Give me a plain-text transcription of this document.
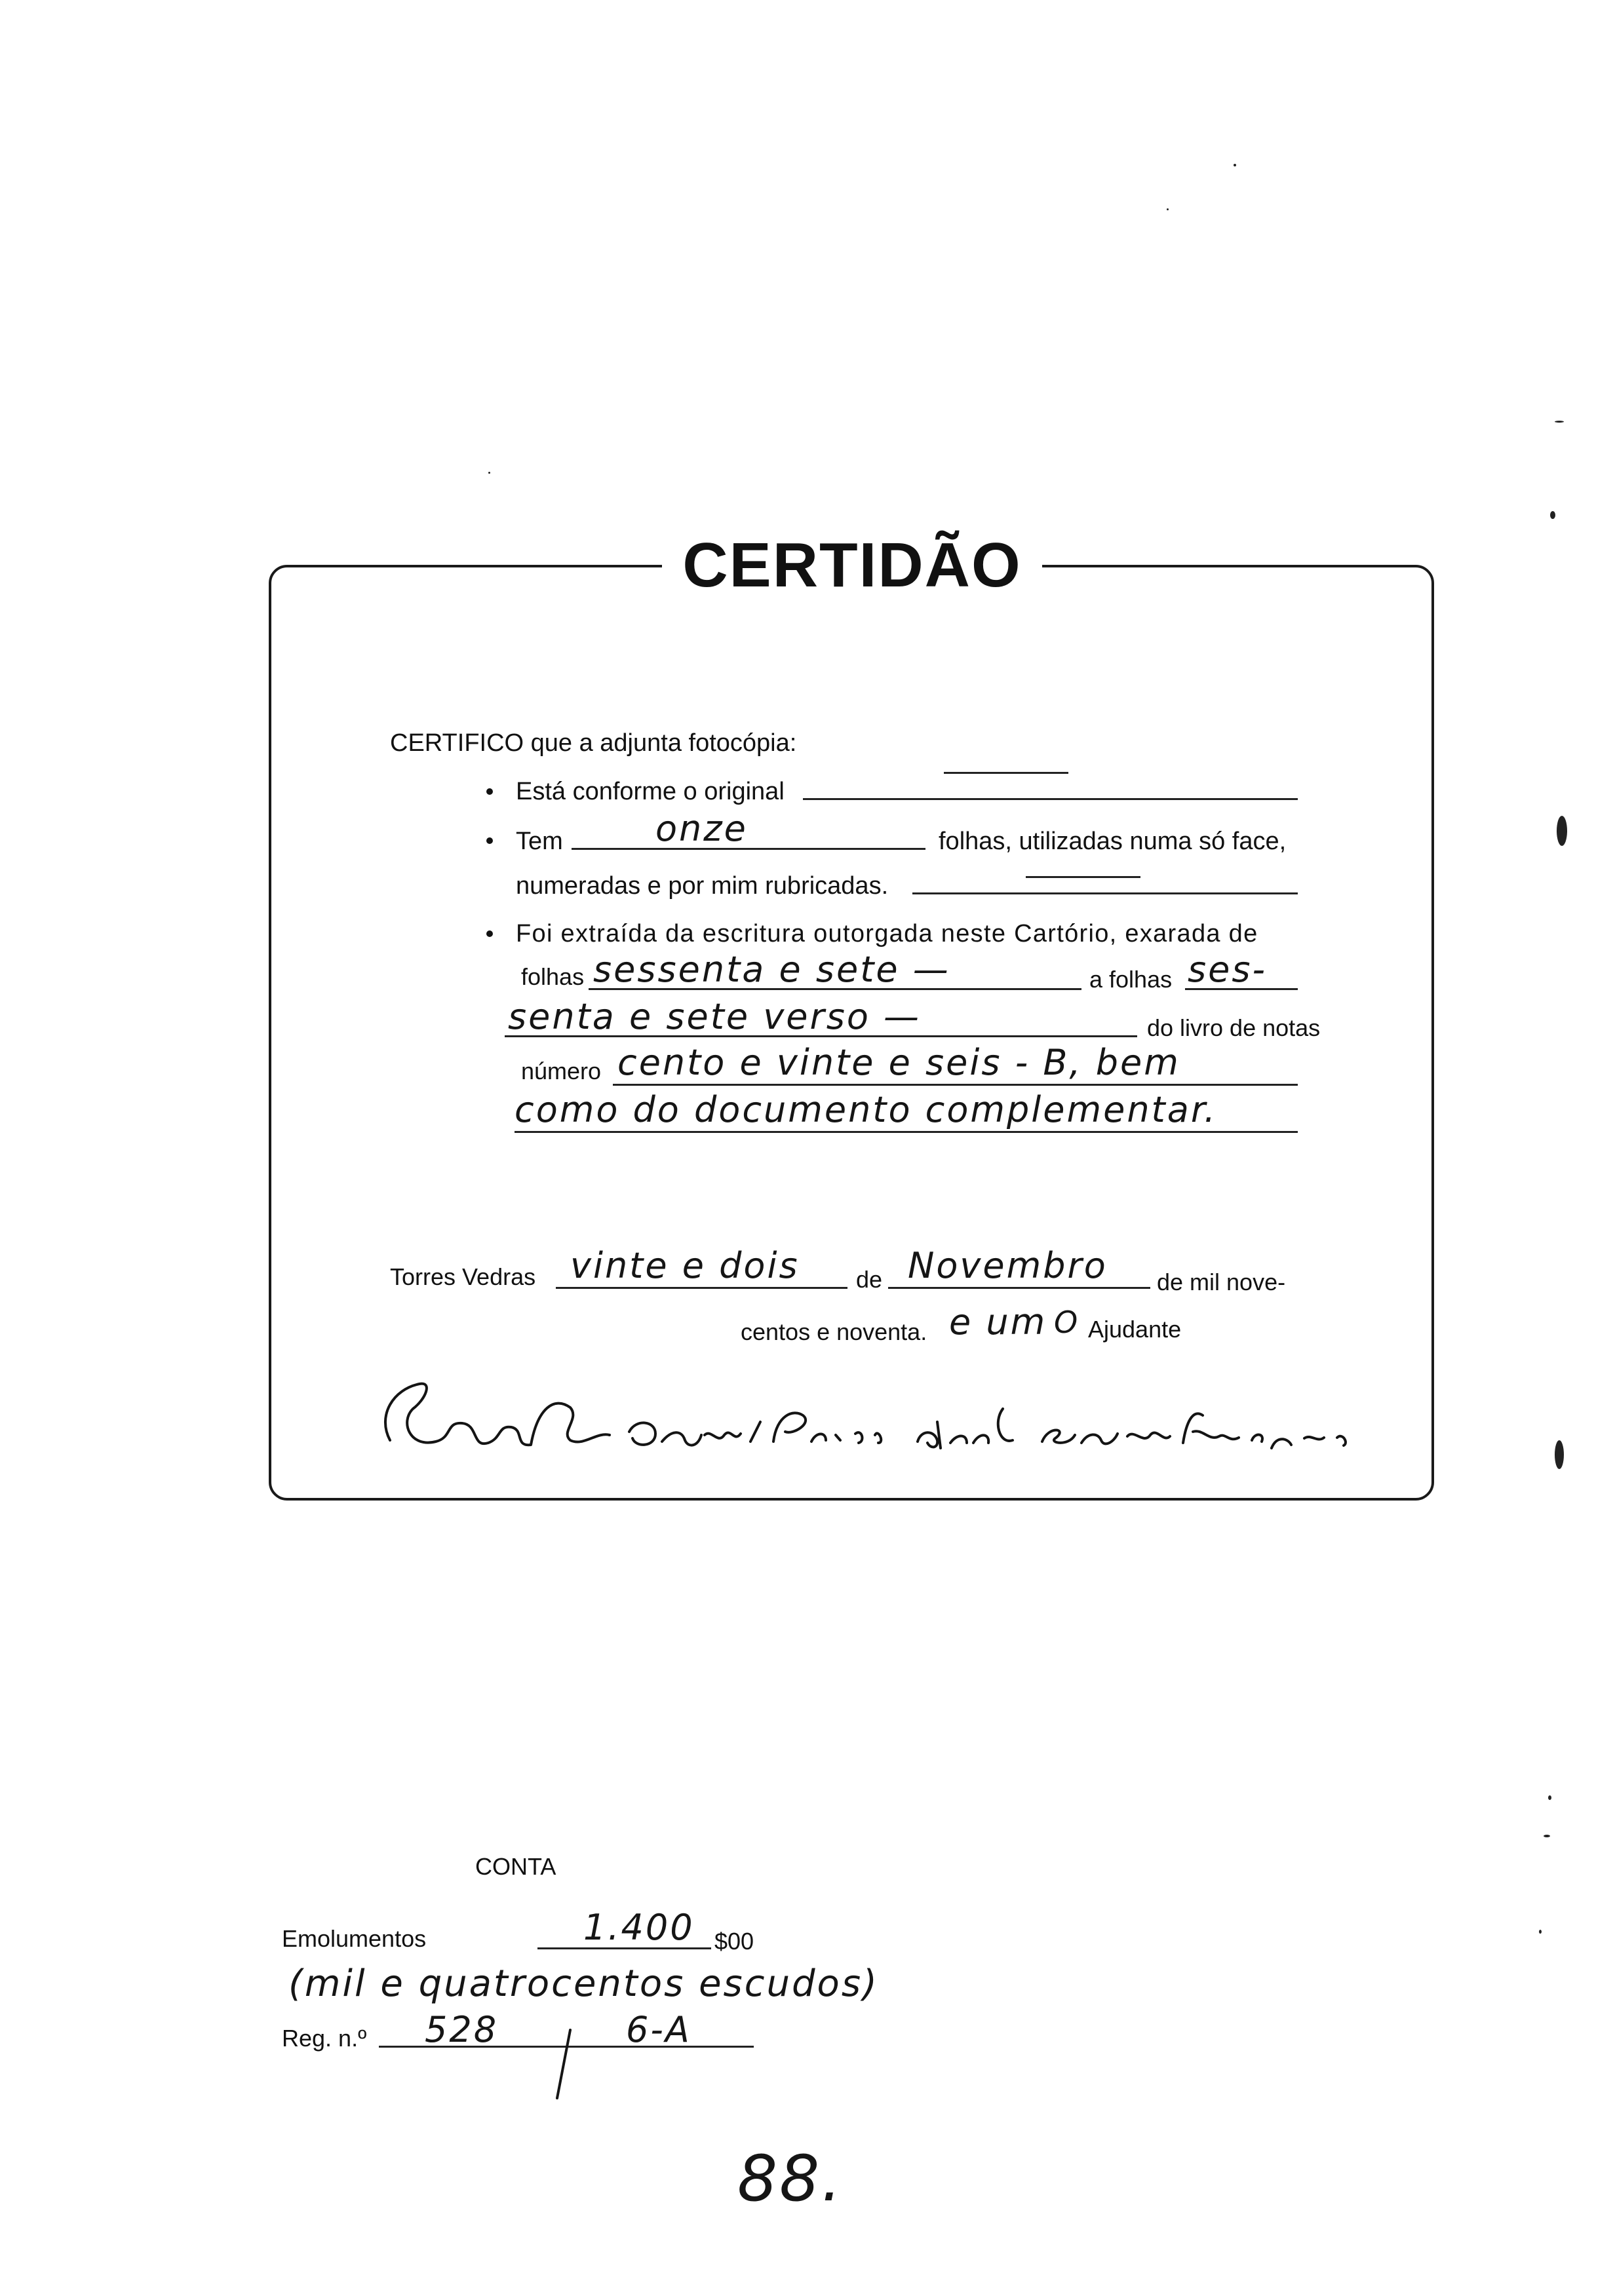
CERTIDÃO
CERTIFICO que a adjunta fotocópia:
Está conforme o original
Tem	onze	folhas, utilizadas numa só face,
numeradas e por mim rubricadas.
Foi extraída da escritura outorgada neste Cartório, exarada de
folhas sessenta e sete —	a folhas ses-
senta e sete verso —	do livro de notas
número cento e vinte e seis - B, bem
como do documento complementar.
Torres Vedras vinte e dois de Novembro de mil nove-
centos e noventa. e um O Ajudante
CONTA
Emolumentos	1.400 $00
(mil e quatrocentos escudos)
Reg. n.º 528	6-A
88.
